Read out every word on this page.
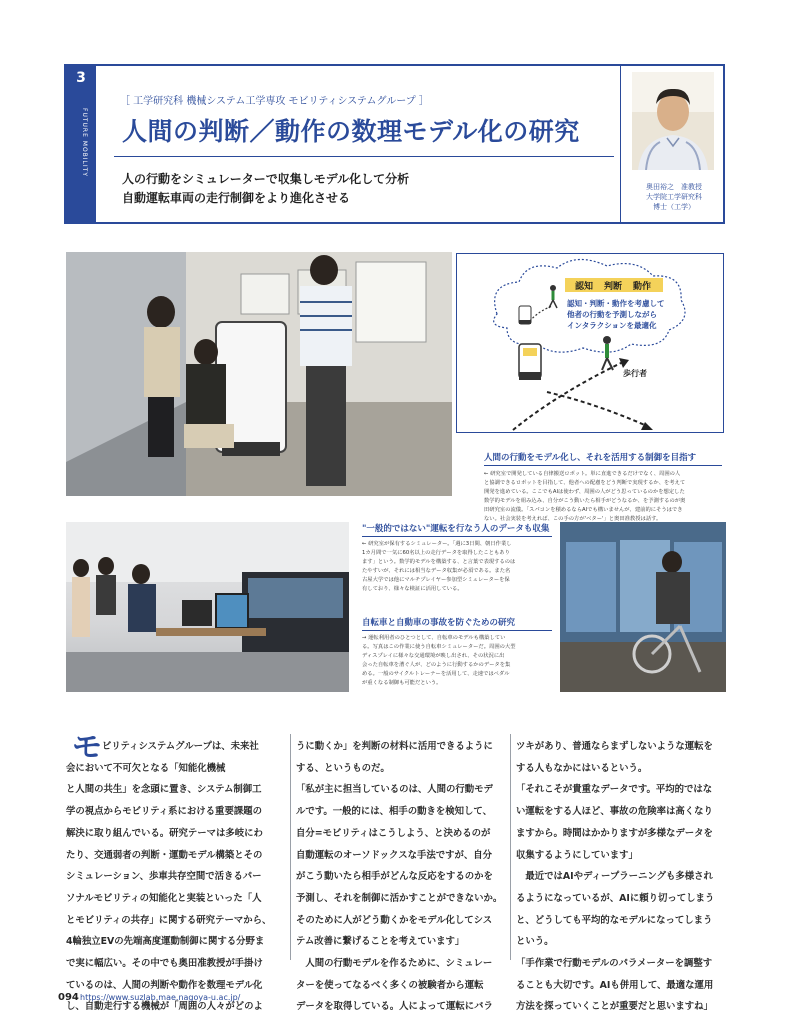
3
FUTURE MOBILITY
［ 工学研究科 機械システム工学専攻 モビリティシステムグループ ］
人間の判断／動作の数理モデル化の研究
人の行動をシミュレーターで収集しモデル化して分析
自動運転車両の走行制御をより進化させる
奥田裕之　准教授
大学院工学研究科
博士（工学）
認知 判断 動作
認知・判断・動作を考慮して
他者の行動を予測しながら
インタラクションを最適化
歩行者
人間の行動をモデル化し、それを活用する制御を目指す
← 研究室で開発している自律搬送ロボット。単に直進できるだけでなく、周囲の人
と協調できるロボットを目指して、他者への配慮をどう判断で実現するか、を考えて
開発を進めている。ここでもAIは使わず、周囲の人がどう思っているのかを想定した
数学的モデルを組み込み、自分がこう動いたら相手がどうなるか、を予測するのが奥
田研究室の流儀。「スパコンを積めるならAIでも構いませんが、建前的にそうはでき
ない。社会実装を考えれば、この手の方が'ベター'」と奥田准教授は話す。
"一般的ではない"運転を行なう人のデータも収集
← 研究室が保有するシミュレーター。「週に3日間、朝日作業し
1カ月間で一気に60名以上の走行データを取得したこともあり
ます」という。数学的モデルを構築する、と言葉で表現するのは
たやすいが、それには相当なデータ収集が必須である。また名
古屋大学では他にマルチプレイヤー参加型シミュレーターを保
有しており、様々な検証に活用している。
自転車と自動車の事故を防ぐための研究
→ 運転利用者のひとつとして、自転車のモデルも構築してい
る。写真はこの作業に使う自転車シミュレーターだ。周囲の大型
ディスプレイに様々な交通環境が映し出され、その状況に出
会った自転車を漕ぐ人が、どのように行動するかのデータを集
める。一般のサイクルトレーナーを活用して、走速ではペダル
が重くなる制御も可能だという。
モ ビリティシステムグループは、未来社
会において不可欠となる「知能化機械
と人間の共生」を念頭に置き、システム制御工
学の視点からモビリティ系における重要課題の
解決に取り組んでいる。研究テーマは多岐にわ
たり、交通弱者の判断・運動モデル構築とその
シミュレーション、歩車共存空間で活きるパー
ソナルモビリティの知能化と実装といった「人
とモビリティの共存」に関する研究テーマから、
4輪独立EVの先端高度運動制御に関する分野ま
で実に幅広い。その中でも奥田准教授が手掛け
ているのは、人間の判断や動作を数理モデル化
し、自動走行する機械が「周囲の人々がどのよ
うに動くか」を判断の材料に活用できるように
する、というものだ。
「私が主に担当しているのは、人間の行動モデ
ルです。一般的には、相手の動きを検知して、
自分=モビリティはこうしよう、と決めるのが
自動運転のオーソドックスな手法ですが、自分
がこう動いたら相手がどんな反応をするのかを
予測し、それを制御に活かすことができないか。
そのために人がどう動くかをモデル化してシス
テム改善に繋げることを考えています」
　人間の行動モデルを作るために、シミュレー
ターを使ってなるべく多くの被験者から運転
データを取得している。人によって運転にバラ
ツキがあり、普通ならまずしないような運転を
する人もなかにはいるという。
「それこそが貴重なデータです。平均的ではな
い運転をする人ほど、事故の危険率は高くなり
ますから。時間はかかりますが多様なデータを
収集するようにしています」
　最近ではAIやディープラーニングも多様され
るようになっているが、AIに頼り切ってしまう
と、どうしても平均的なモデルになってしまう
という。
「手作業で行動モデルのパラメーターを調整す
ることも大切です。AIも併用して、最適な運用
方法を探っていくことが重要だと思いますね」
094 https://www.suzlab.mae.nagoya-u.ac.jp/
